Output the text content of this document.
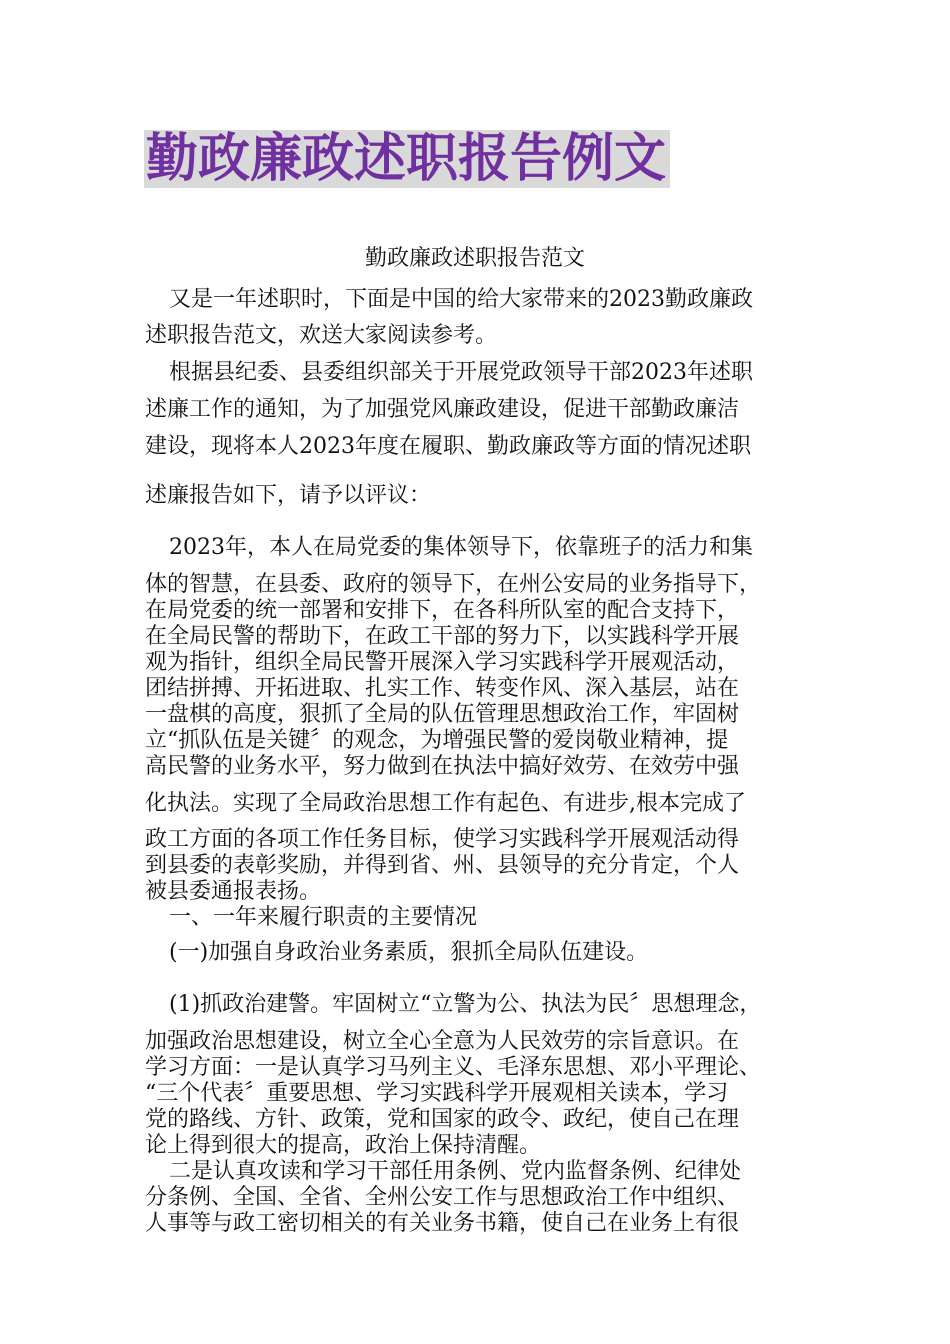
勤政廉政述职报告例文
勤政廉政述职报告范文
又是一年述职时，下面是中国的给大家带来的2023勤政廉政
述职报告范文，欢送大家阅读参考。
根据县纪委、县委组织部关于开展党政领导干部2023年述职
述廉工作的通知，为了加强党风廉政建设，促进干部勤政廉洁
建设，现将本人2023年度在履职、勤政廉政等方面的情况述职
述廉报告如下，请予以评议：
2023年，本人在局党委的集体领导下，依靠班子的活力和集
体的智慧，在县委、政府的领导下，在州公安局的业务指导下，
在局党委的统一部署和安排下，在各科所队室的配合支持下，
在全局民警的帮助下，在政工干部的努力下，以实践科学开展
观为指针，组织全局民警开展深入学习实践科学开展观活动，
团结拼搏、开拓进取、扎实工作、转变作风、深入基层，站在
一盘棋的高度，狠抓了全局的队伍管理思想政治工作，牢固树
立“抓队伍是关键〞的观念，为增强民警的爱岗敬业精神，提
高民警的业务水平，努力做到在执法中搞好效劳、在效劳中强
化执法。实现了全局政治思想工作有起色、有进步,根本完成了
政工方面的各项工作任务目标，使学习实践科学开展观活动得
到县委的表彰奖励，并得到省、州、县领导的充分肯定，个人
被县委通报表扬。
一、一年来履行职责的主要情况
(一)加强自身政治业务素质，狠抓全局队伍建设。
(1)抓政治建警。牢固树立“立警为公、执法为民〞思想理念，
加强政治思想建设，树立全心全意为人民效劳的宗旨意识。在
学习方面：一是认真学习马列主义、毛泽东思想、邓小平理论、
“三个代表〞重要思想、学习实践科学开展观相关读本，学习
党的路线、方针、政策，党和国家的政令、政纪，使自己在理
论上得到很大的提高，政治上保持清醒。
二是认真攻读和学习干部任用条例、党内监督条例、纪律处
分条例、全国、全省、全州公安工作与思想政治工作中组织、
人事等与政工密切相关的有关业务书籍，使自己在业务上有很
